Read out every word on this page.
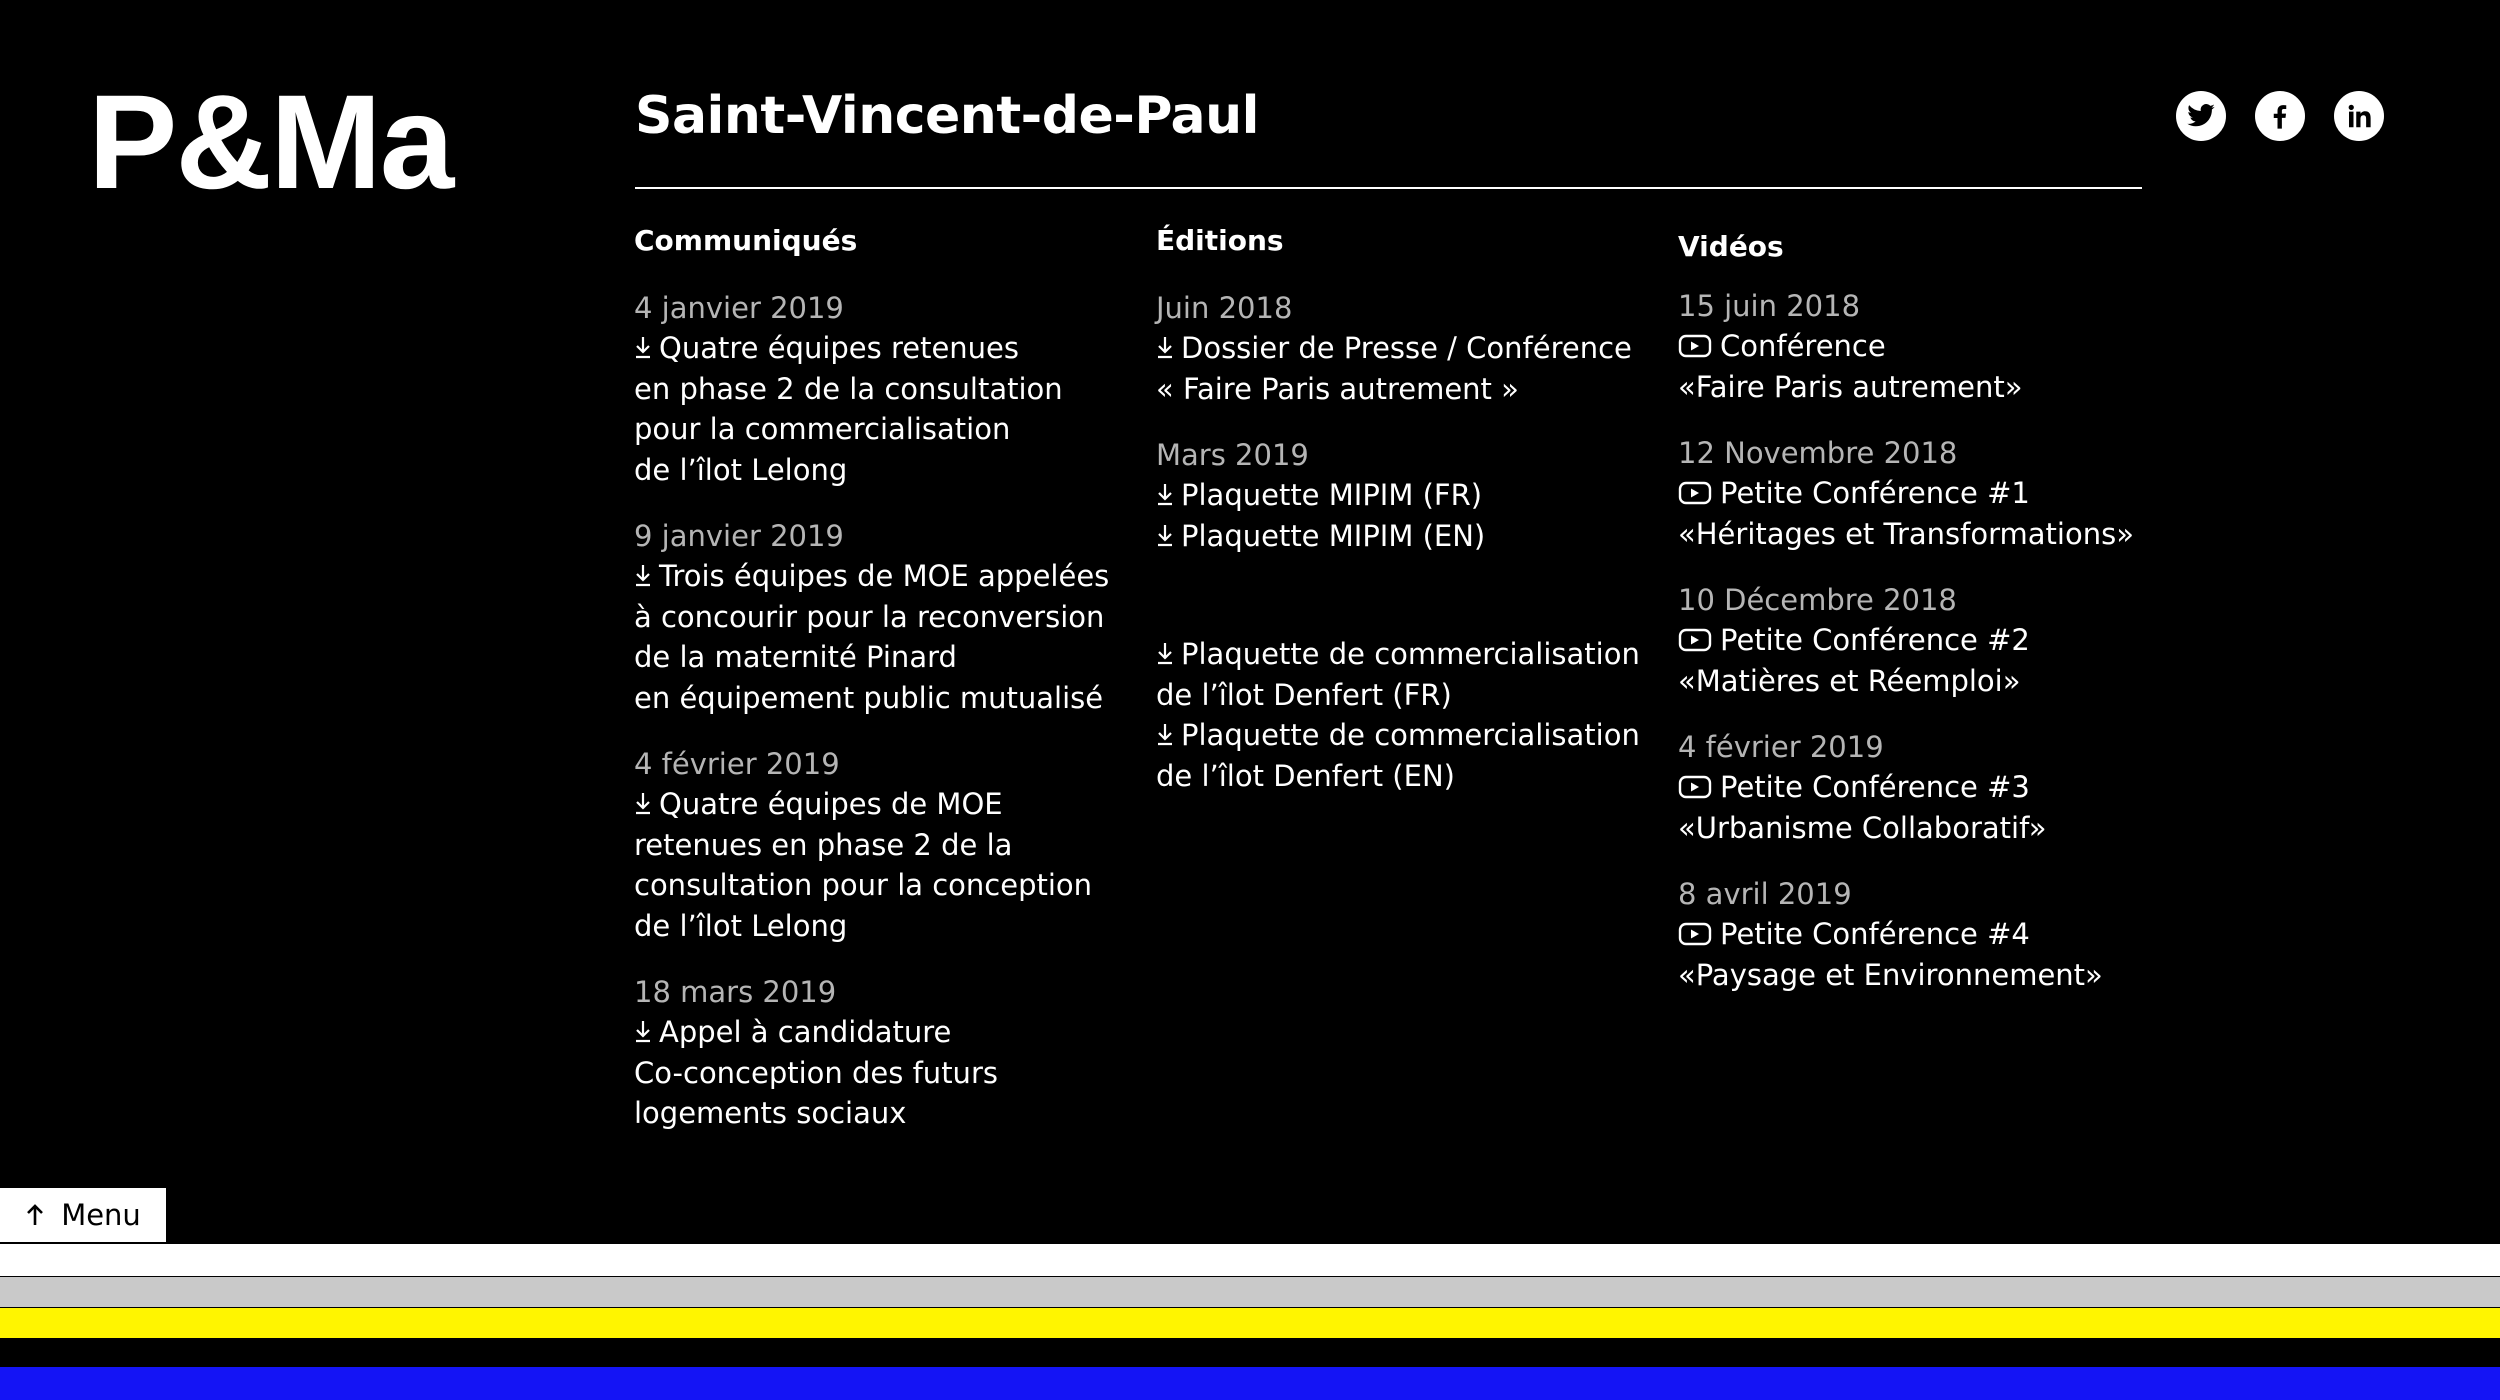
P&Ma	Saint-Vincent-de-Paul
Communiqués
4 janvier 2019
Quatre équipes retenues
en phase 2 de la consultation
pour la commercialisation
de l’îlot Lelong
9 janvier 2019
Trois équipes de MOE appelées
à concourir pour la reconversion
de la maternité Pinard
en équipement public mutualisé
4 février 2019
Quatre équipes de MOE
retenues en phase 2 de la
consultation pour la conception
de l’îlot Lelong
18 mars 2019
Appel à candidature
Co-conception des futurs
logements sociaux
Éditions
Juin 2018
Dossier de Presse / Conférence
« Faire Paris autrement »
Mars 2019
Plaquette MIPIM (FR)
Plaquette MIPIM (EN)
Plaquette de commercialisation
de l’îlot Denfert (FR)
Plaquette de commercialisation
de l’îlot Denfert (EN)
Vidéos
15 juin 2018
Conférence
«Faire Paris autrement»
12 Novembre 2018
Petite Conférence #1
«Héritages et Transformations»
10 Décembre 2018
Petite Conférence #2
«Matières et Réemploi»
4 février 2019
Petite Conférence #3
«Urbanisme Collaboratif»
8 avril 2019
Petite Conférence #4
«Paysage et Environnement»
Menu
